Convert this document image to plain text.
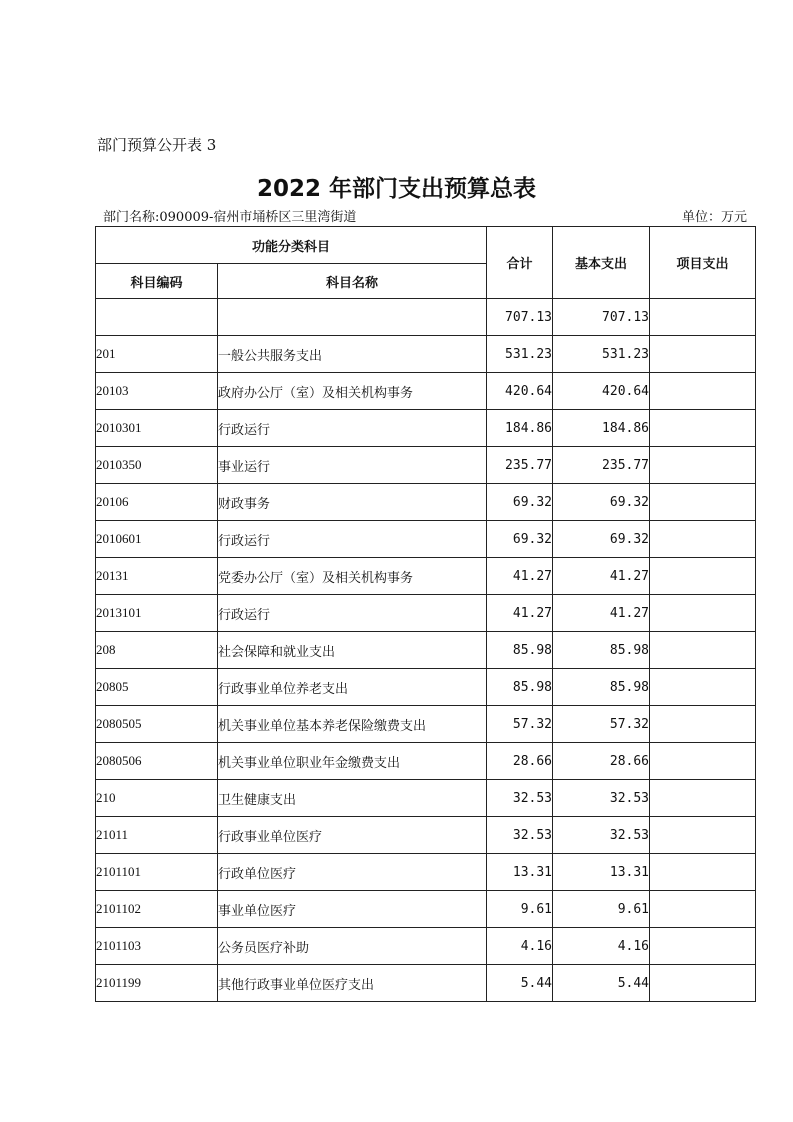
部门预算公开表 3
2022 年部门支出预算总表
部门名称:090009-宿州市埇桥区三里湾街道	单位：万元
功能分类科目		合计	基本支出	项目支出
科目编码	科目名称			
		707.13	707.13	
201	一般公共服务支出	531.23	531.23	
20103	政府办公厅（室）及相关机构事务	420.64	420.64	
2010301	行政运行	184.86	184.86	
2010350	事业运行	235.77	235.77	
20106	财政事务	69.32	69.32	
2010601	行政运行	69.32	69.32	
20131	党委办公厅（室）及相关机构事务	41.27	41.27	
2013101	行政运行	41.27	41.27	
208	社会保障和就业支出	85.98	85.98	
20805	行政事业单位养老支出	85.98	85.98	
2080505	机关事业单位基本养老保险缴费支出	57.32	57.32	
2080506	机关事业单位职业年金缴费支出	28.66	28.66	
210	卫生健康支出	32.53	32.53	
21011	行政事业单位医疗	32.53	32.53	
2101101	行政单位医疗	13.31	13.31	
2101102	事业单位医疗	9.61	9.61	
2101103	公务员医疗补助	4.16	4.16	
2101199	其他行政事业单位医疗支出	5.44	5.44	
